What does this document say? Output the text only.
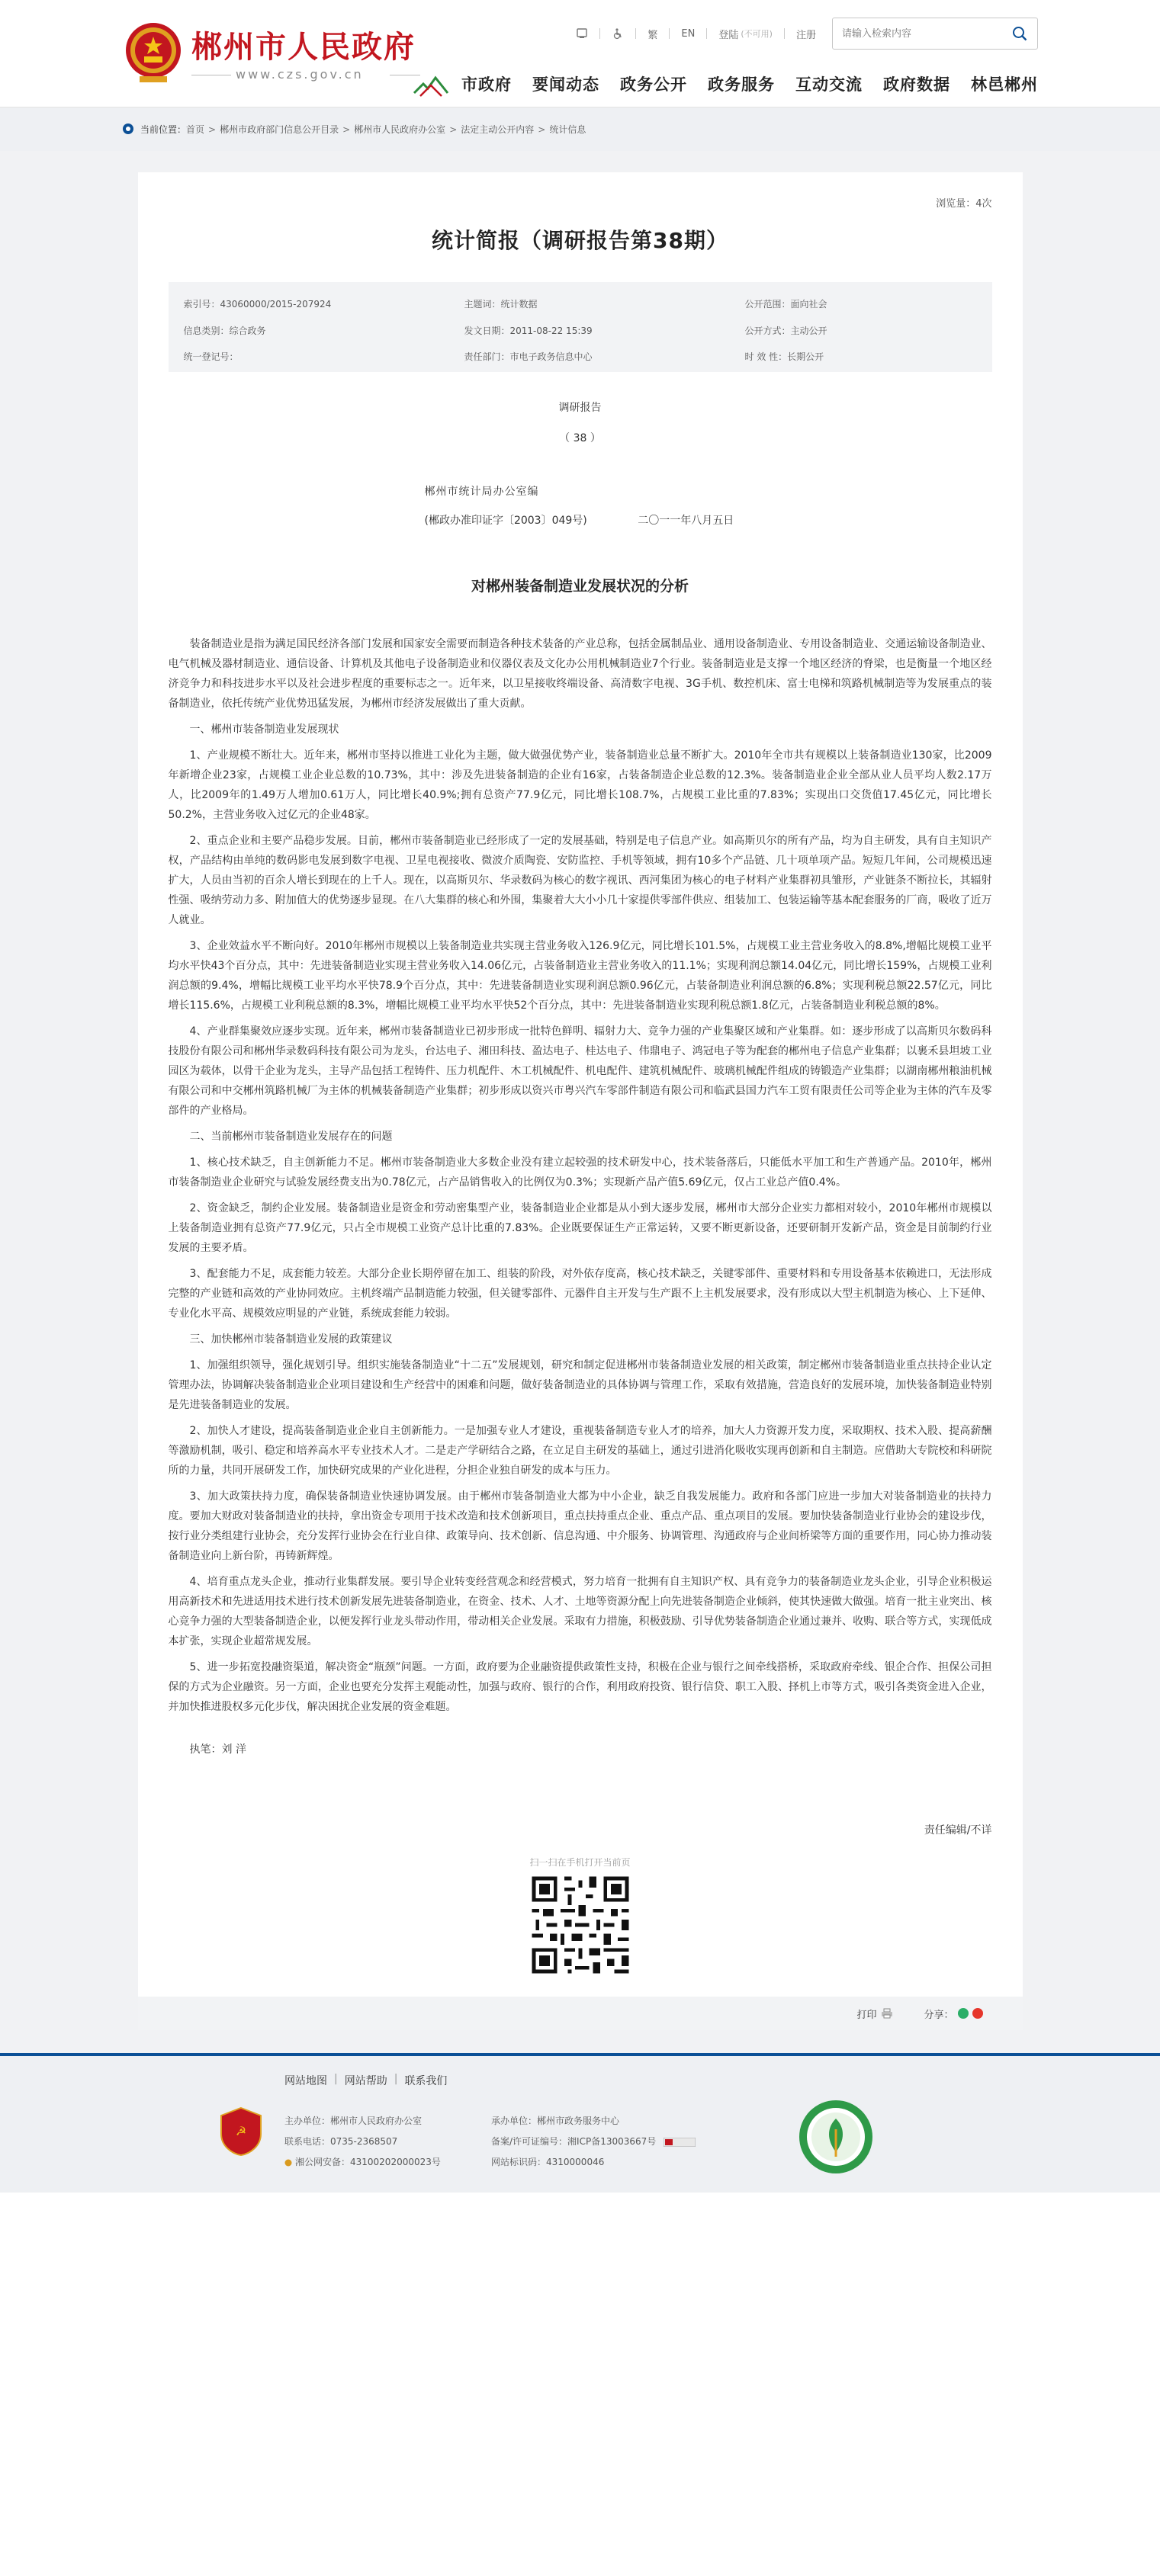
郴州市人民政府
www.czs.gov.cn
繁 EN 登陆 (不可用) 注册
请输入检索内容
市政府 要闻动态 政务公开 政务服务 互动交流 政府数据 林邑郴州
当前位置： 首页 > 郴州市政府部门信息公开目录 > 郴州市人民政府办公室 > 法定主动公开内容 > 统计信息
浏览量：4次
统计简报（调研报告第38期）
索引号：43060000/2015-207924	主题词：统计数据	公开范围：面向社会
信息类别：综合政务	发文日期：2011-08-22 15:39	公开方式：主动公开
统一登记号：	责任部门：市电子政务信息中心	时 效 性：长期公开
调研报告
（ 38 ）
郴州市统计局办公室编
(郴政办准印证字〔2003〕049号)	二〇一一年八月五日
对郴州装备制造业发展状况的分析

装备制造业是指为满足国民经济各部门发展和国家安全需要而制造各种技术装备的产业总称，包括金属制品业、通用设备制造业、专用设备制造业、交通运输设备制造业、电气机械及器材制造业、通信设备、计算机及其他电子设备制造业和仪器仪表及文化办公用机械制造业7个行业。装备制造业是支撑一个地区经济的脊梁，也是衡量一个地区经济竞争力和科技进步水平以及社会进步程度的重要标志之一。近年来，以卫星接收终端设备、高清数字电视、3G手机、数控机床、富士电梯和筑路机械制造等为发展重点的装备制造业，依托传统产业优势迅猛发展，为郴州市经济发展做出了重大贡献。

一、郴州市装备制造业发展现状

1、产业规模不断壮大。近年来，郴州市坚持以推进工业化为主题，做大做强优势产业，装备制造业总量不断扩大。2010年全市共有规模以上装备制造业130家，比2009年新增企业23家，占规模工业企业总数的10.73%，其中：涉及先进装备制造的企业有16家，占装备制造企业总数的12.3%。装备制造业企业全部从业人员平均人数2.17万人，比2009年的1.49万人增加0.61万人，同比增长40.9%;拥有总资产77.9亿元，同比增长108.7%，占规模工业比重的7.83%；实现出口交货值17.45亿元，同比增长50.2%，主营业务收入过亿元的企业48家。

2、重点企业和主要产品稳步发展。目前，郴州市装备制造业已经形成了一定的发展基础，特别是电子信息产业。如高斯贝尔的所有产品，均为自主研发，具有自主知识产权，产品结构由单纯的数码影电发展到数字电视、卫星电视接收、微波介质陶瓷、安防监控、手机等领域，拥有10多个产品链、几十项单项产品。短短几年间，公司规模迅速扩大，人员由当初的百余人增长到现在的上千人。现在，以高斯贝尔、华录数码为核心的数字视讯、西河集团为核心的电子材料产业集群初具雏形，产业链条不断拉长，其辐射性强、吸纳劳动力多、附加值大的优势逐步显现。在八大集群的核心和外围，集聚着大大小小几十家提供零部件供应、组装加工、包装运输等基本配套服务的厂商，吸收了近万人就业。

3、企业效益水平不断向好。2010年郴州市规模以上装备制造业共实现主营业务收入126.9亿元，同比增长101.5%，占规模工业主营业务收入的8.8%,增幅比规模工业平均水平快43个百分点，其中：先进装备制造业实现主营业务收入14.06亿元，占装备制造业主营业务收入的11.1%；实现利润总额14.04亿元，同比增长159%，占规模工业利润总额的9.4%，增幅比规模工业平均水平快78.9个百分点，其中：先进装备制造业实现利润总额0.96亿元，占装备制造业利润总额的6.8%；实现利税总额22.57亿元，同比增长115.6%，占规模工业利税总额的8.3%，增幅比规模工业平均水平快52个百分点，其中：先进装备制造业实现利税总额1.8亿元，占装备制造业利税总额的8%。

4、产业群集聚效应逐步实现。近年来，郴州市装备制造业已初步形成一批特色鲜明、辐射力大、竞争力强的产业集聚区域和产业集群。如：逐步形成了以高斯贝尔数码科技股份有限公司和郴州华录数码科技有限公司为龙头，台达电子、湘田科技、盈达电子、桂达电子、伟鼎电子、鸿冠电子等为配套的郴州电子信息产业集群；以裹禾县坦坡工业园区为载体，以骨干企业为龙头，主导产品包括工程铸件、压力机配件、木工机械配件、机电配件、建筑机械配件、玻璃机械配件组成的铸锻造产业集群；以湖南郴州粮油机械有限公司和中交郴州筑路机械厂为主体的机械装备制造产业集群；初步形成以资兴市粤兴汽车零部件制造有限公司和临武县国力汽车工贸有限责任公司等企业为主体的汽车及零部件的产业格局。

二、当前郴州市装备制造业发展存在的问题

1、核心技术缺乏，自主创新能力不足。郴州市装备制造业大多数企业没有建立起较强的技术研发中心，技术装备落后，只能低水平加工和生产普通产品。2010年，郴州市装备制造业企业研究与试验发展经费支出为0.78亿元，占产品销售收入的比例仅为0.3%；实现新产品产值5.69亿元，仅占工业总产值0.4%。

2、资金缺乏，制约企业发展。装备制造业是资金和劳动密集型产业，装备制造业企业都是从小到大逐步发展，郴州市大部分企业实力都相对较小，2010年郴州市规模以上装备制造业拥有总资产77.9亿元，只占全市规模工业资产总计比重的7.83%。企业既要保证生产正常运转，又要不断更新设备，还要研制开发新产品，资金是目前制约行业发展的主要矛盾。

3、配套能力不足，成套能力较差。大部分企业长期停留在加工、组装的阶段，对外依存度高，核心技术缺乏，关键零部件、重要材料和专用设备基本依赖进口，无法形成完整的产业链和高效的产业协同效应。主机终端产品制造能力较强，但关键零部件、元器件自主开发与生产跟不上主机发展要求，没有形成以大型主机制造为核心、上下延伸、专业化水平高、规模效应明显的产业链，系统成套能力较弱。

三、加快郴州市装备制造业发展的政策建议

1、加强组织领导，强化规划引导。组织实施装备制造业“十二五”发展规划，研究和制定促进郴州市装备制造业发展的相关政策，制定郴州市装备制造业重点扶持企业认定管理办法，协调解决装备制造业企业项目建设和生产经营中的困难和问题，做好装备制造业的具体协调与管理工作，采取有效措施，营造良好的发展环境，加快装备制造业特别是先进装备制造业的发展。

2、加快人才建设，提高装备制造业企业自主创新能力。一是加强专业人才建设，重视装备制造专业人才的培养，加大人力资源开发力度，采取期权、技术入股、提高薪酬等激励机制，吸引、稳定和培养高水平专业技术人才。二是走产学研结合之路，在立足自主研发的基础上，通过引进消化吸收实现再创新和自主制造。应借助大专院校和科研院所的力量，共同开展研发工作，加快研究成果的产业化进程，分担企业独自研发的成本与压力。

3、加大政策扶持力度，确保装备制造业快速协调发展。由于郴州市装备制造业大都为中小企业，缺乏自我发展能力。政府和各部门应进一步加大对装备制造业的扶持力度。要加大财政对装备制造业的扶持，拿出资金专项用于技术改造和技术创新项目，重点扶持重点企业、重点产品、重点项目的发展。要加快装备制造业行业协会的建设步伐，按行业分类组建行业协会，充分发挥行业协会在行业自律、政策导向、技术创新、信息沟通、中介服务、协调管理、沟通政府与企业间桥梁等方面的重要作用，同心协力推动装备制造业向上新台阶，再铸新辉煌。

4、培育重点龙头企业，推动行业集群发展。要引导企业转变经营观念和经营模式，努力培育一批拥有自主知识产权、具有竞争力的装备制造业龙头企业，引导企业积极运用高新技术和先进适用技术进行技术创新发展先进装备制造业，在资金、技术、人才、土地等资源分配上向先进装备制造企业倾斜，使其快速做大做强。培育一批主业突出、核心竞争力强的大型装备制造企业，以便发挥行业龙头带动作用，带动相关企业发展。采取有力措施，积极鼓励、引导优势装备制造企业通过兼并、收购、联合等方式，实现低成本扩张，实现企业超常规发展。

5、进一步拓宽投融资渠道，解决资金“瓶颈”问题。一方面，政府要为企业融资提供政策性支持，积极在企业与银行之间牵线搭桥，采取政府牵线、银企合作、担保公司担保的方式为企业融资。另一方面，企业也要充分发挥主观能动性，加强与政府、银行的合作，利用政府投资、银行信贷、职工入股、择机上市等方式，吸引各类资金进入企业，并加快推进股权多元化步伐，解决困扰企业发展的资金难题。

执笔：刘 洋

责任编辑/不详
扫一扫在手机打开当前页
打印	分享：
网站地图 | 网站帮助 | 联系我们
☭
主办单位：郴州市人民政府办公室
联系电话：0735-2368507
湘公网安备：43100202000023号
承办单位：郴州市政务服务中心
备案/许可证编号：湘ICP备13003667号
网站标识码：4310000046
